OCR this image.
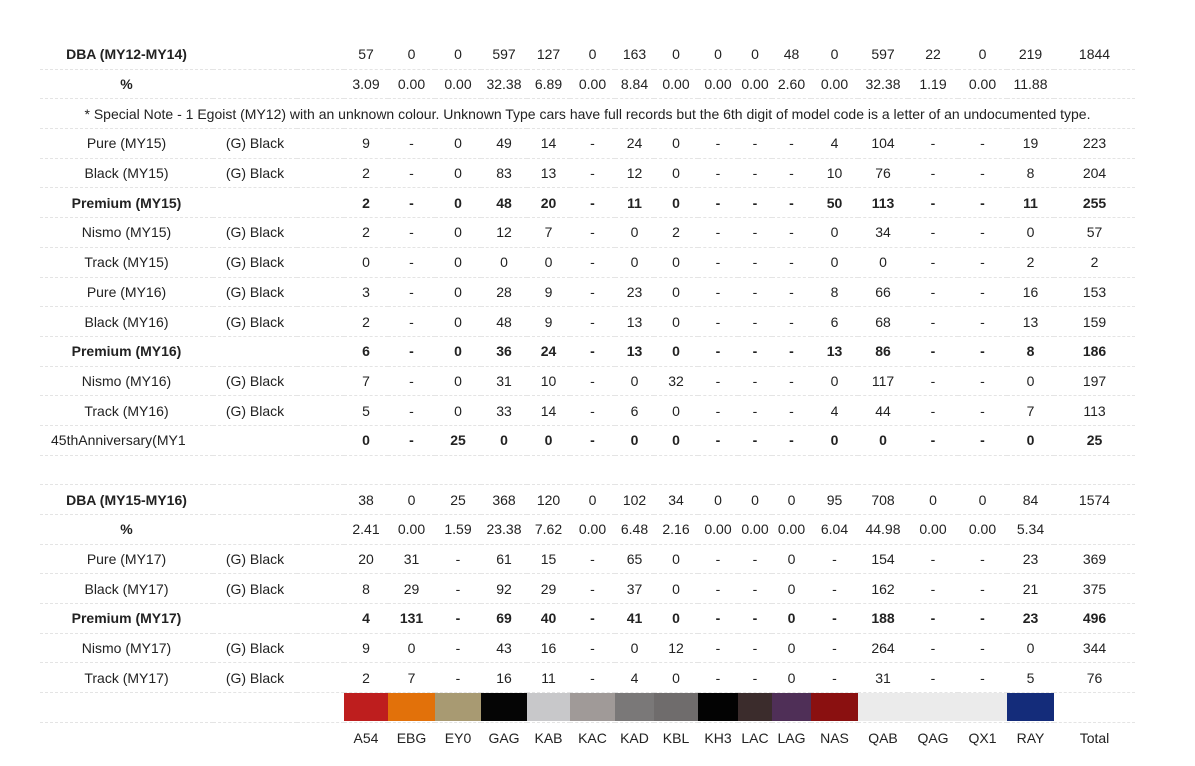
DBA (MY12-MY14)			57	0	0	597	127	0	163	0	0	0	48	0	597	22	0	219	1844	
%			3.09	0.00	0.00	32.38	6.89	0.00	8.84	0.00	0.00	0.00	2.60	0.00	32.38	1.19	0.00	11.88		
* Special Note - 1 Egoist (MY12) with an unknown colour. Unknown Type cars have full records but the 6th digit of model code is a letter of an undocumented type.																				
Pure (MY15)	(G) Black		9	-	0	49	14	-	24	0	-	-	-	4	104	-	-	19	223	
Black (MY15)	(G) Black		2	-	0	83	13	-	12	0	-	-	-	10	76	-	-	8	204	
Premium (MY15)			2	-	0	48	20	-	11	0	-	-	-	50	113	-	-	11	255	
Nismo (MY15)	(G) Black		2	-	0	12	7	-	0	2	-	-	-	0	34	-	-	0	57	
Track (MY15)	(G) Black		0	-	0	0	0	-	0	0	-	-	-	0	0	-	-	2	2	
Pure (MY16)	(G) Black		3	-	0	28	9	-	23	0	-	-	-	8	66	-	-	16	153	
Black (MY16)	(G) Black		2	-	0	48	9	-	13	0	-	-	-	6	68	-	-	13	159	
Premium (MY16)			6	-	0	36	24	-	13	0	-	-	-	13	86	-	-	8	186	
Nismo (MY16)	(G) Black		7	-	0	31	10	-	0	32	-	-	-	0	117	-	-	0	197	
Track (MY16)	(G) Black		5	-	0	33	14	-	6	0	-	-	-	4	44	-	-	7	113	
45thAnniversary(MY1			0	-	25	0	0	-	0	0	-	-	-	0	0	-	-	0	25	

DBA (MY15-MY16)			38	0	25	368	120	0	102	34	0	0	0	95	708	0	0	84	1574	
%			2.41	0.00	1.59	23.38	7.62	0.00	6.48	2.16	0.00	0.00	0.00	6.04	44.98	0.00	0.00	5.34		
Pure (MY17)	(G) Black		20	31	-	61	15	-	65	0	-	-	0	-	154	-	-	23	369	
Black (MY17)	(G) Black		8	29	-	92	29	-	37	0	-	-	0	-	162	-	-	21	375	
Premium (MY17)			4	131	-	69	40	-	41	0	-	-	0	-	188	-	-	23	496	
Nismo (MY17)	(G) Black		9	0	-	43	16	-	0	12	-	-	0	-	264	-	-	0	344	
Track (MY17)	(G) Black		2	7	-	16	11	-	4	0	-	-	0	-	31	-	-	5	76	

			A54	EBG	EY0	GAG	KAB	KAC	KAD	KBL	KH3	LAC	LAG	NAS	QAB	QAG	QX1	RAY	Total	
